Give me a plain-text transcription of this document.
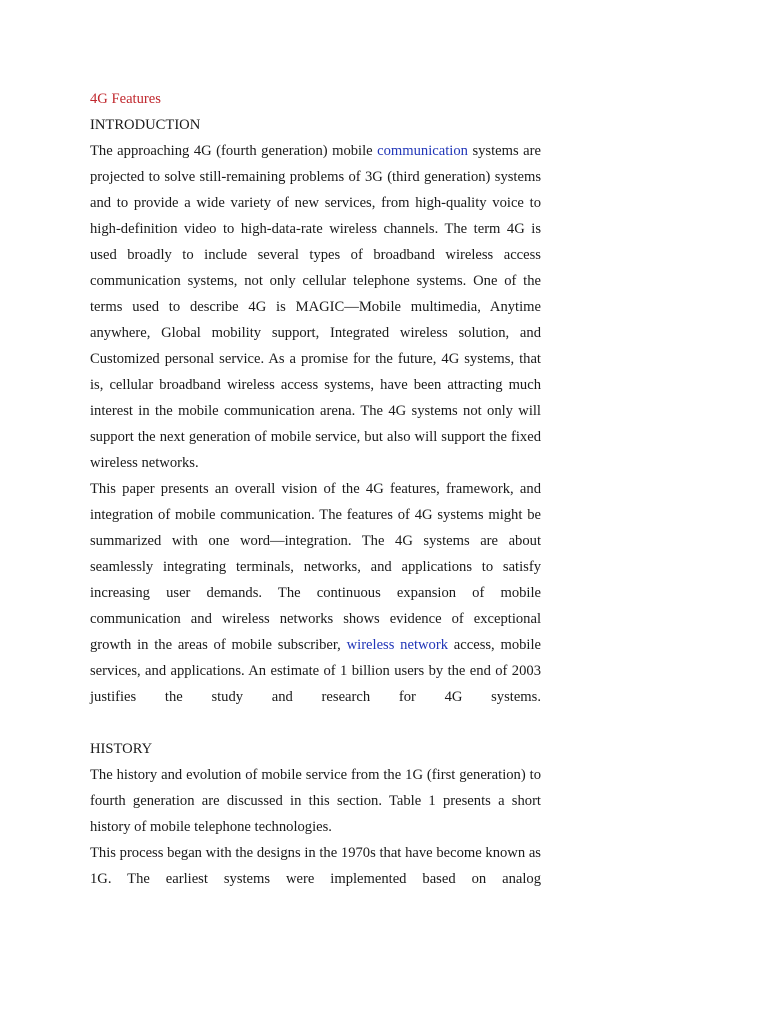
4G Features

INTRODUCTION

The approaching 4G (fourth generation) mobile communication systems are projected to solve still-remaining problems of 3G (third generation) systems and to provide a wide variety of new services, from high-quality voice to high-definition video to high-data-rate wireless channels. The term 4G is used broadly to include several types of broadband wireless access communication systems, not only cellular telephone systems. One of the terms used to describe 4G is MAGIC—Mobile multimedia, Anytime anywhere, Global mobility support, Integrated wireless solution, and Customized personal service. As a promise for the future, 4G systems, that is, cellular broadband wireless access systems, have been attracting much interest in the mobile communication arena. The 4G systems not only will support the next generation of mobile service, but also will support the fixed wireless networks.

This paper presents an overall vision of the 4G features, framework, and integration of mobile communication. The features of 4G systems might be summarized with one word—integration. The 4G systems are about seamlessly integrating terminals, networks, and applications to satisfy increasing user demands. The continuous expansion of mobile communication and wireless networks shows evidence of exceptional growth in the areas of mobile subscriber, wireless network access, mobile services, and applications. An estimate of 1 billion users by the end of 2003 justifies the study and research for 4G systems.

HISTORY

The history and evolution of mobile service from the 1G (first generation) to fourth generation are discussed in this section. Table 1 presents a short history of mobile telephone technologies.

This process began with the designs in the 1970s that have become known as 1G. The earliest systems were implemented based on analog
